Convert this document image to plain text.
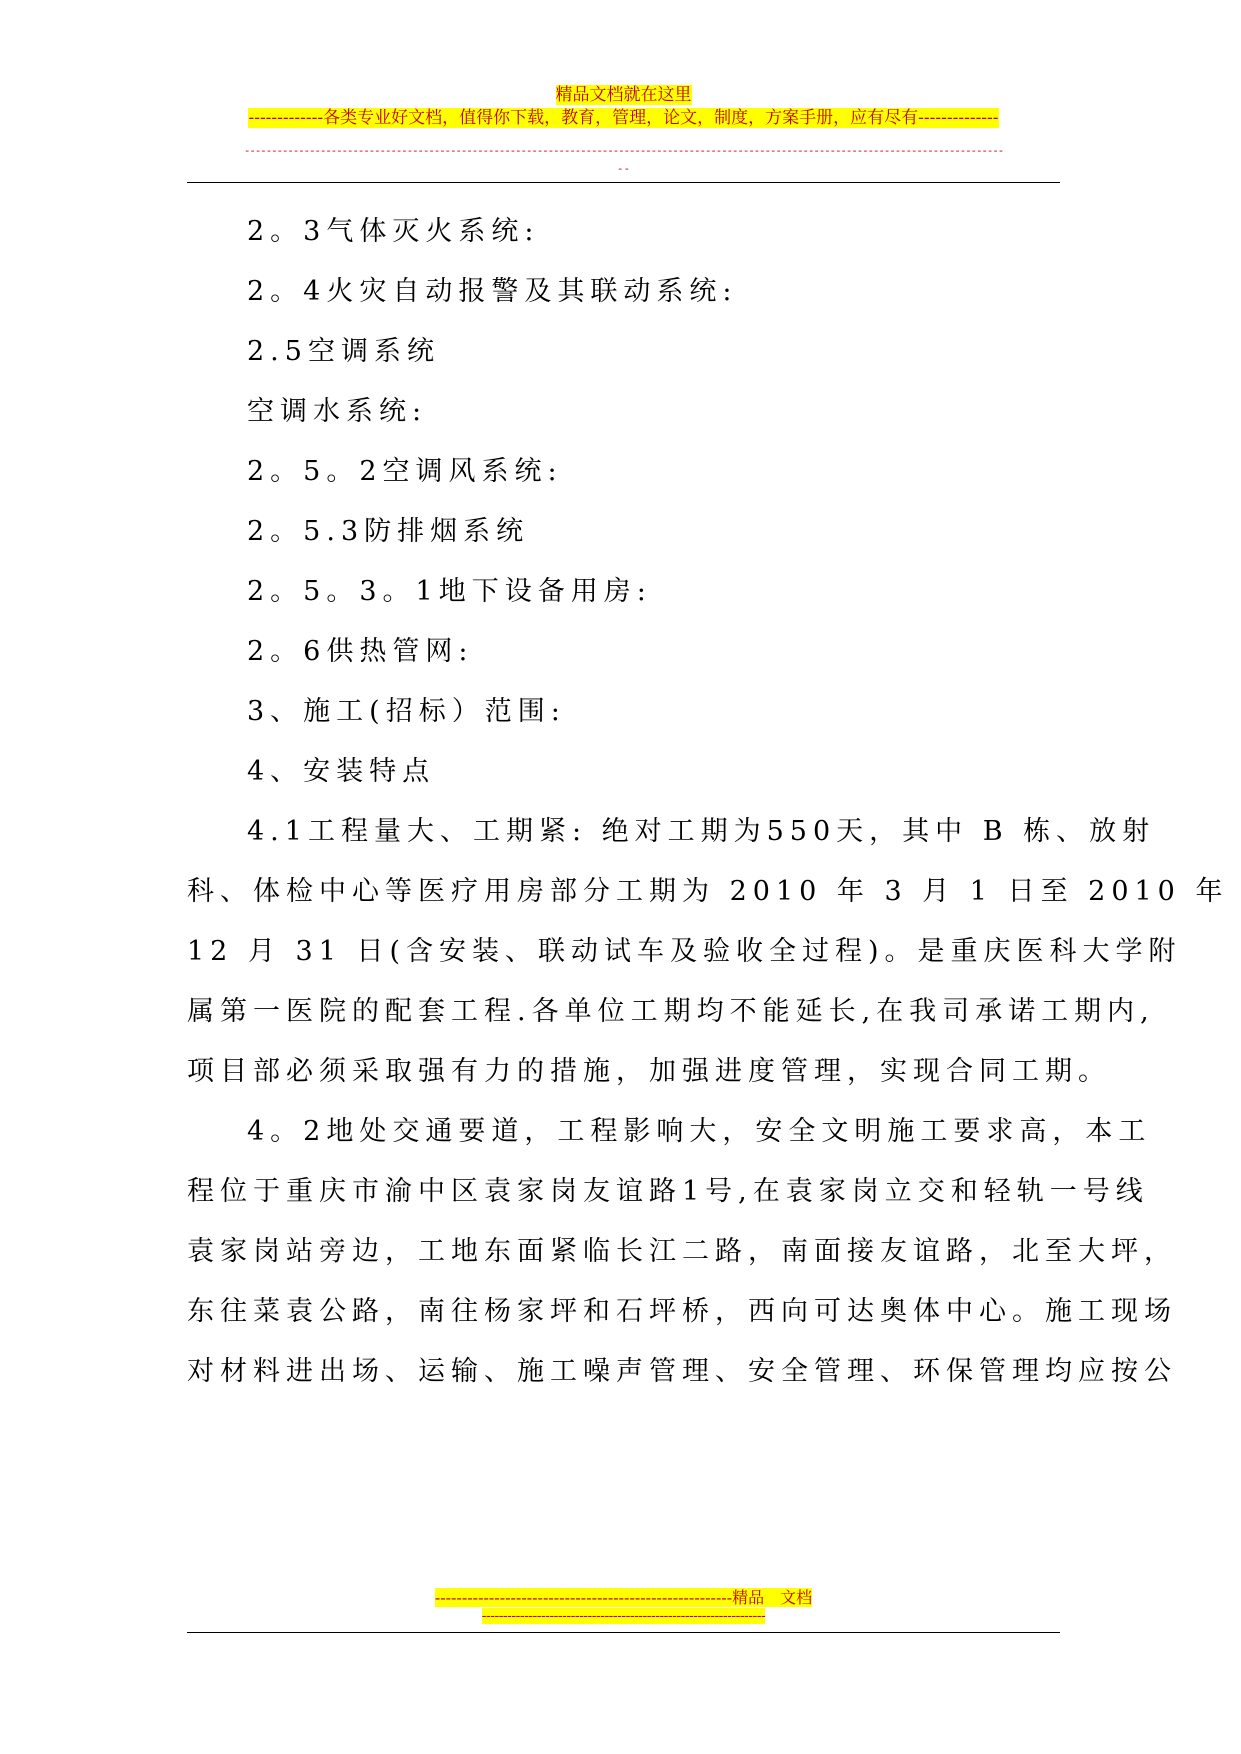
精品文档就在这里
-------------各类专业好文档，值得你下载，教育，管理，论文，制度，方案手册，应有尽有--------------
--------------------------------------------------------------------------------------------------------------------------------------------
--
2。3气体灭火系统:
2。4火灾自动报警及其联动系统:
2.5空调系统
空调水系统:
2。5。2空调风系统:
2。5.3防排烟系统
2。5。3。1地下设备用房:
2。6供热管网:
3、施工(招标）范围:
4、安装特点
4.1工程量大、工期紧: 绝对工期为550天，其中 B 栋、放射
科、体检中心等医疗用房部分工期为 2010 年 3 月 1 日至 2010 年
12 月 31 日(含安装、联动试车及验收全过程)。是重庆医科大学附
属第一医院的配套工程.各单位工期均不能延长,在我司承诺工期内,
项目部必须采取强有力的措施，加强进度管理，实现合同工期。
4。2地处交通要道，工程影响大，安全文明施工要求高，本工
程位于重庆市渝中区袁家岗友谊路1号,在袁家岗立交和轻轨一号线
袁家岗站旁边，工地东面紧临长江二路，南面接友谊路，北至大坪，
东往菜袁公路，南往杨家坪和石坪桥，西向可达奥体中心。施工现场
对材料进出场、运输、施工噪声管理、安全管理、环保管理均应按公
-------------------------------------------------------精品　文档
-------------------------------------------------------------------
